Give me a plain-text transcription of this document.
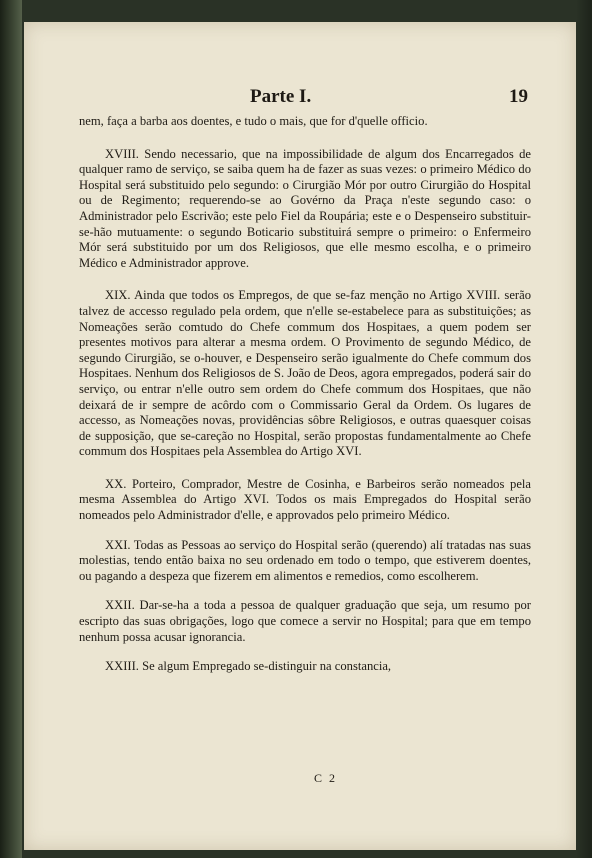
Parte I.	19

nem, faça a barba aos doentes, e tudo o mais, que for d'quelle officio.

XVIII. Sendo necessario, que na impossibilidade de algum dos Encarregados de qualquer ramo de serviço, se saiba quem ha de fazer as suas vezes: o primeiro Médico do Hospital será substituido pelo segundo: o Cirurgião Mór por outro Cirurgião do Hospital ou de Regimento; requerendo-se ao Govérno da Praça n'este segundo caso: o Administrador pelo Escrivão; este pelo Fiel da Roupária; este e o Despenseiro substituir-se-hão mutuamente: o segundo Boticario substituirá sempre o primeiro: o Enfermeiro Mór será substituido por um dos Religiosos, que elle mesmo escolha, e o primeiro Médico e Administrador approve.

XIX. Ainda que todos os Empregos, de que se-faz menção no Artigo XVIII. serão talvez de accesso regulado pela ordem, que n'elle se-estabelece para as substituições; as Nomeações serão comtudo do Chefe commum dos Hospitaes, a quem podem ser presentes motivos para alterar a mesma ordem. O Provimento de segundo Médico, de segundo Cirurgião, se o-houver, e Despenseiro serão igualmente do Chefe commum dos Hospitaes. Nenhum dos Religiosos de S. João de Deos, agora empregados, poderá sair do serviço, ou entrar n'elle outro sem ordem do Chefe commum dos Hospitaes, que não deixará de ir sempre de acôrdo com o Commissario Geral da Ordem. Os lugares de accesso, as Nomeações novas, providências sôbre Religiosos, e outras quaesquer coisas de supposição, que se-careção no Hospital, serão propostas fundamentalmente ao Chefe commum dos Hospitaes pela Assemblea do Artigo XVI.

XX. Porteiro, Comprador, Mestre de Cosinha, e Barbeiros serão nomeados pela mesma Assemblea do Artigo XVI. Todos os mais Empregados do Hospital serão nomeados pelo Administrador d'elle, e approvados pelo primeiro Médico.

XXI. Todas as Pessoas ao serviço do Hospital serão (querendo) alí tratadas nas suas molestias, tendo então baixa no seu ordenado em todo o tempo, que estiverem doentes, ou pagando a despeza que fizerem em alimentos e remedios, como escolherem.

XXII. Dar-se-ha a toda a pessoa de qualquer graduação que seja, um resumo por escripto das suas obrigações, logo que comece a servir no Hospital; para que em tempo nenhum possa acusar ignorancia.

XXIII. Se algum Empregado se-distinguir na constancia,

C 2
